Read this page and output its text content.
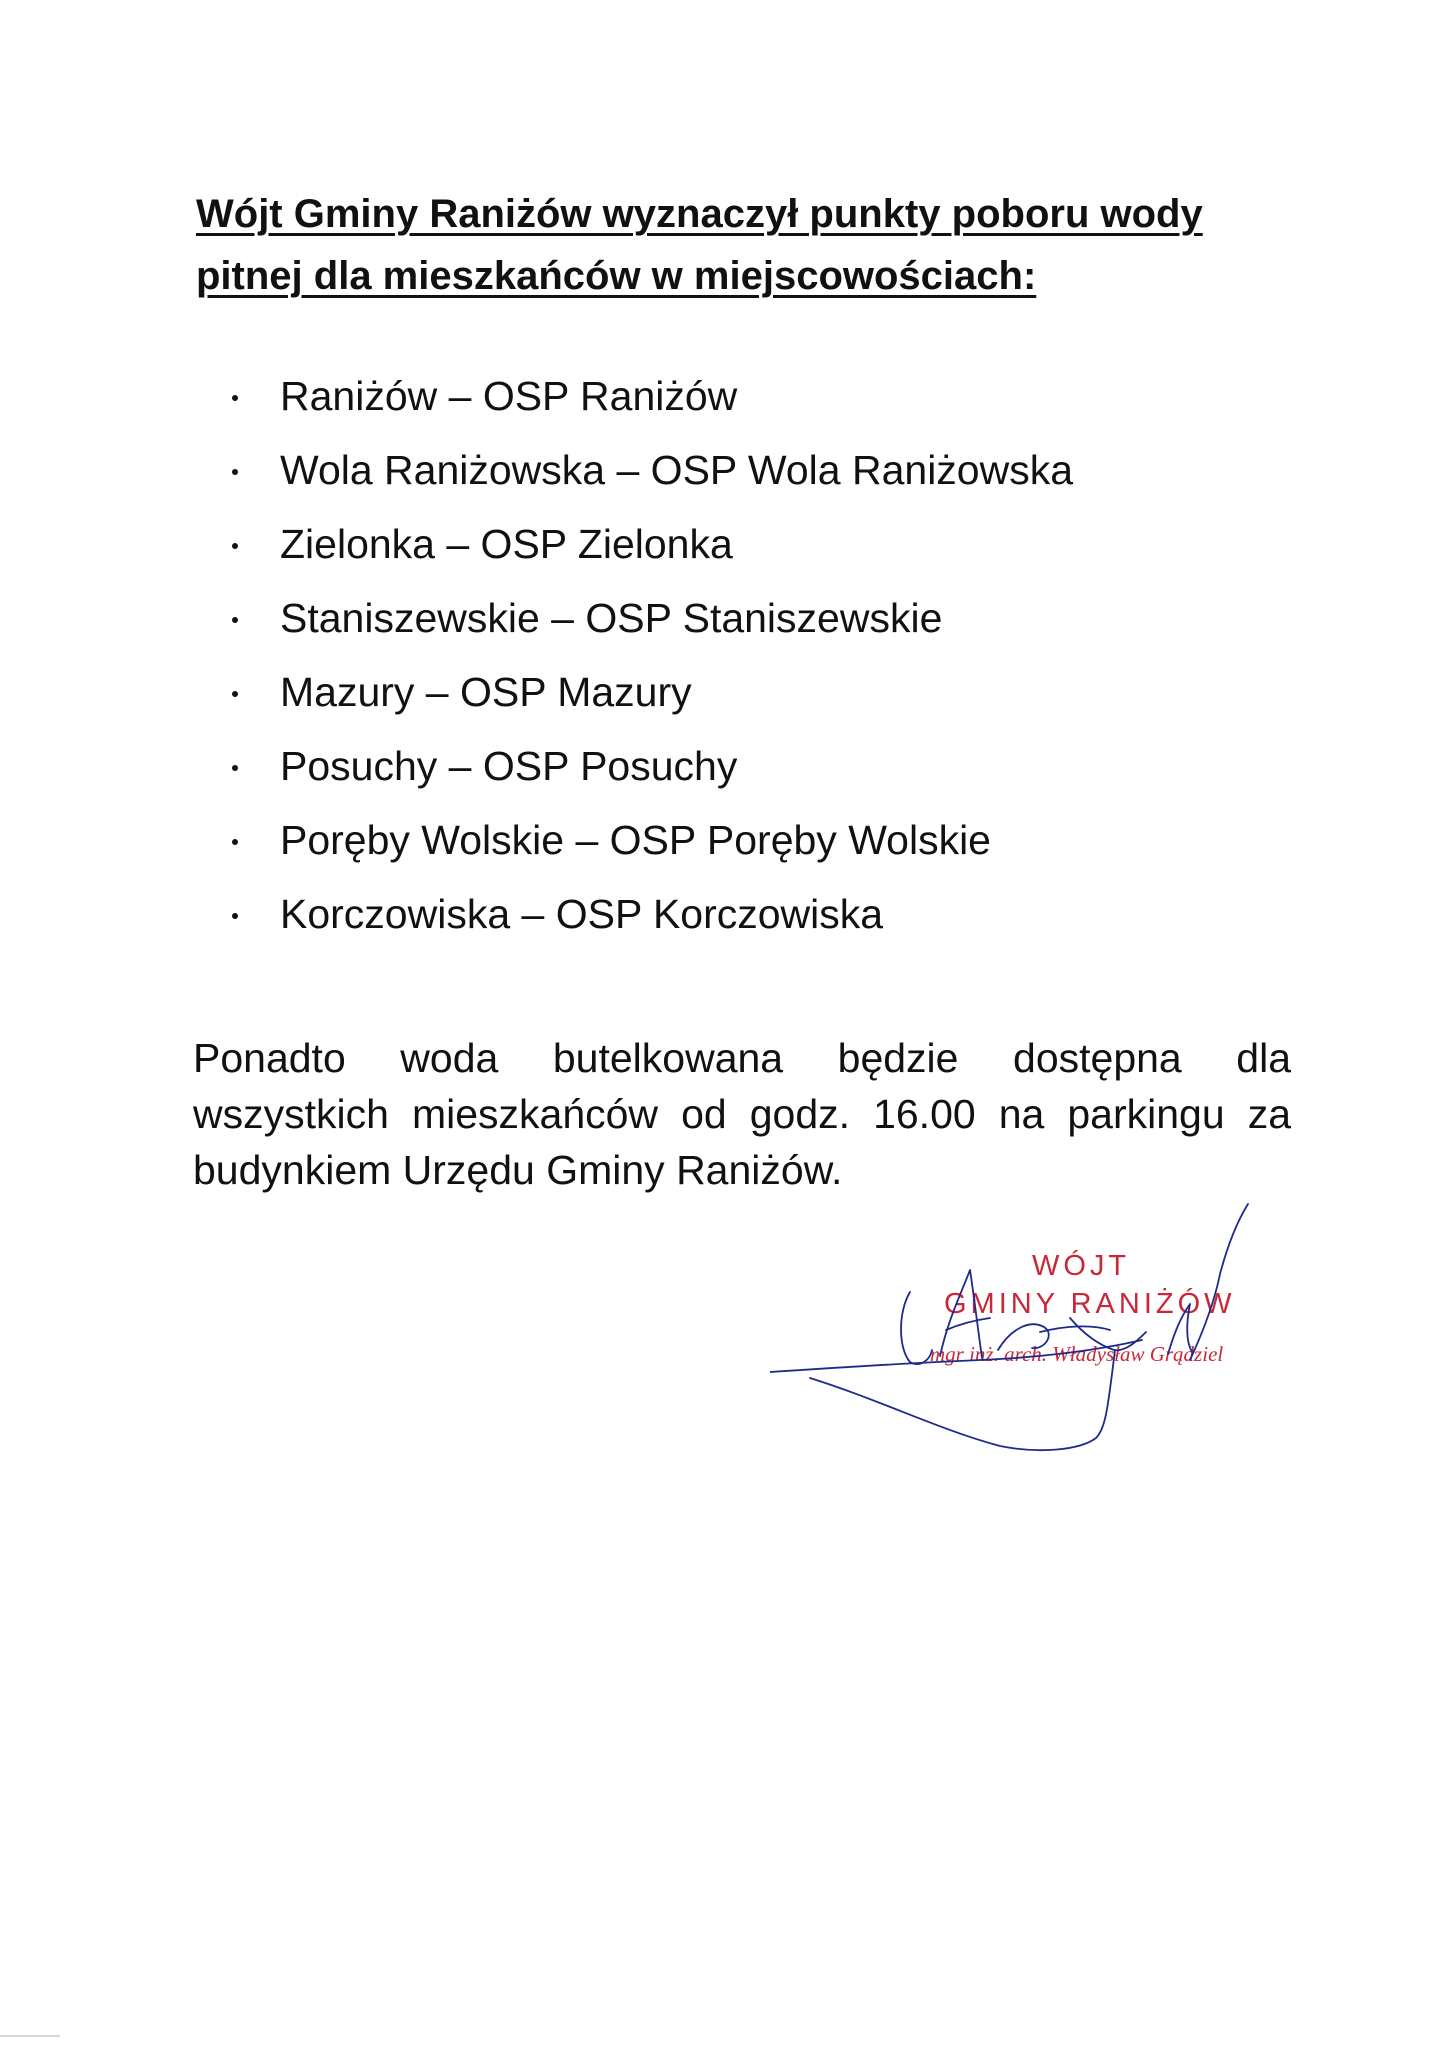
Wójt Gminy Raniżów wyznaczył punkty poboru wody
pitnej dla mieszkańców w miejscowościach:
Raniżów – OSP Raniżów
Wola Raniżowska – OSP Wola Raniżowska
Zielonka – OSP Zielonka
Staniszewskie – OSP Staniszewskie
Mazury – OSP Mazury
Posuchy – OSP Posuchy
Poręby Wolskie – OSP Poręby Wolskie
Korczowiska – OSP Korczowiska

Ponadto woda butelkowana będzie dostępna dla
wszystkich mieszkańców od godz. 16.00 na parkingu za
budynkiem Urzędu Gminy Raniżów.

WÓJT
GMINY RANIŻÓW
mgr inż. arch. Władysław Grądziel
